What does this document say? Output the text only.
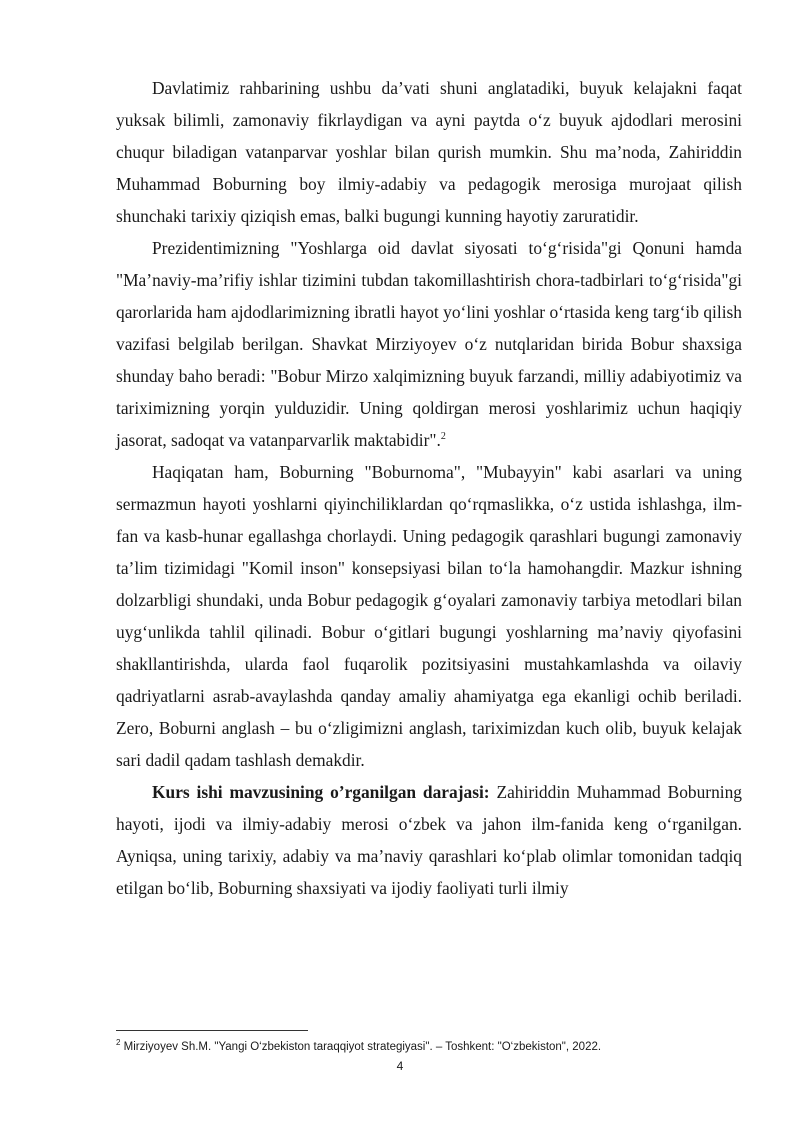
Davlatimiz rahbarining ushbu da’vati shuni anglatadiki, buyuk kelajakni faqat yuksak bilimli, zamonaviy fikrlaydigan va ayni paytda o‘z buyuk ajdodlari merosini chuqur biladigan vatanparvar yoshlar bilan qurish mumkin. Shu ma’noda, Zahiriddin Muhammad Boburning boy ilmiy-adabiy va pedagogik merosiga murojaat qilish shunchaki tarixiy qiziqish emas, balki bugungi kunning hayotiy zaruratidir.

Prezidentimizning "Yoshlarga oid davlat siyosati to‘g‘risida"gi Qonuni hamda "Ma’naviy-ma’rifiy ishlar tizimini tubdan takomillashtirish chora-tadbirlari to‘g‘risida"gi qarorlarida ham ajdodlarimizning ibratli hayot yo‘lini yoshlar o‘rtasida keng targ‘ib qilish vazifasi belgilab berilgan. Shavkat Mirziyoyev o‘z nutqlaridan birida Bobur shaxsiga shunday baho beradi: "Bobur Mirzo xalqimizning buyuk farzandi, milliy adabiyotimiz va tariximizning yorqin yulduzidir. Uning qoldirgan merosi yoshlarimiz uchun haqiqiy jasorat, sadoqat va vatanparvarlik maktabidir".$^2$

Haqiqatan ham, Boburning "Boburnoma", "Mubayyin" kabi asarlari va uning sermazmun hayoti yoshlarni qiyinchiliklardan qo‘rqmaslikka, o‘z ustida ishlashga, ilm-fan va kasb-hunar egallashga chorlaydi. Uning pedagogik qarashlari bugungi zamonaviy ta’lim tizimidagi "Komil inson" konsepsiyasi bilan to‘la hamohangdir. Mazkur ishning dolzarbligi shundaki, unda Bobur pedagogik g‘oyalari zamonaviy tarbiya metodlari bilan uyg‘unlikda tahlil qilinadi. Bobur o‘gitlari bugungi yoshlarning ma’naviy qiyofasini shakllantirishda, ularda faol fuqarolik pozitsiyasini mustahkamlashda va oilaviy qadriyatlarni asrab-avaylashda qanday amaliy ahamiyatga ega ekanligi ochib beriladi. Zero, Boburni anglash – bu o‘zligimizni anglash, tariximizdan kuch olib, buyuk kelajak sari dadil qadam tashlash demakdir.

Kurs ishi mavzusining o’rganilgan darajasi: Zahiriddin Muhammad Boburning hayoti, ijodi va ilmiy-adabiy merosi o‘zbek va jahon ilm-fanida keng o‘rganilgan. Ayniqsa, uning tarixiy, adabiy va ma’naviy qarashlari ko‘plab olimlar tomonidan tadqiq etilgan bo‘lib, Boburning shaxsiyati va ijodiy faoliyati turli ilmiy

$^2$ Mirziyoyev Sh.M. "Yangi O‘zbekiston taraqqiyot strategiyasi". – Toshkent: "O‘zbekiston", 2022.
4
